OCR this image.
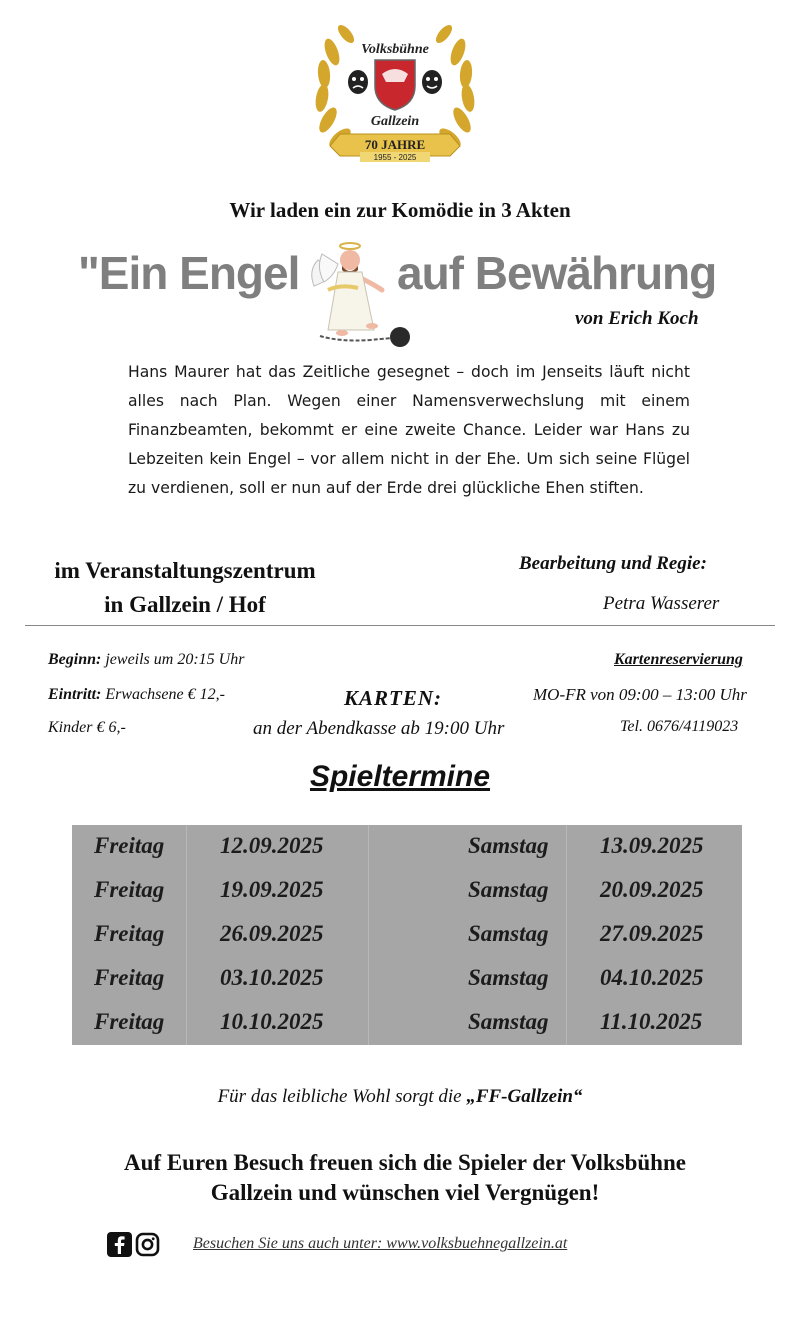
Volksbühne
Gallzein
70 JAHRE
1955 - 2025
Wir laden ein zur Komödie in 3 Akten
"Ein Engel auf Bewährung
von Erich Koch
Hans Maurer hat das Zeitliche gesegnet – doch im Jenseits läuft nicht alles nach Plan. Wegen einer Namensverwechslung mit einem Finanzbeamten, bekommt er eine zweite Chance. Leider war Hans zu Lebzeiten kein Engel – vor allem nicht in der Ehe. Um sich seine Flügel zu verdienen, soll er nun auf der Erde drei glückliche Ehen stiften.
im Veranstaltungszentrum
in Gallzein / Hof
Bearbeitung und Regie:
Petra Wasserer
Beginn: jeweils um 20:15 Uhr
Eintritt: Erwachsene € 12,-
Kinder € 6,-
KARTEN:
an der Abendkasse ab 19:00 Uhr
Kartenreservierung
MO-FR von 09:00 – 13:00 Uhr
Tel. 0676/4119023
Spieltermine
Freitag 12.09.2025	Samstag 13.09.2025
Freitag 19.09.2025	Samstag 20.09.2025
Freitag 26.09.2025	Samstag 27.09.2025
Freitag 03.10.2025	Samstag 04.10.2025
Freitag 10.10.2025	Samstag 11.10.2025
Für das leibliche Wohl sorgt die „FF-Gallzein“
Auf Euren Besuch freuen sich die Spieler der Volksbühne
Gallzein und wünschen viel Vergnügen!
Besuchen Sie uns auch unter: www.volksbuehnegallzein.at
